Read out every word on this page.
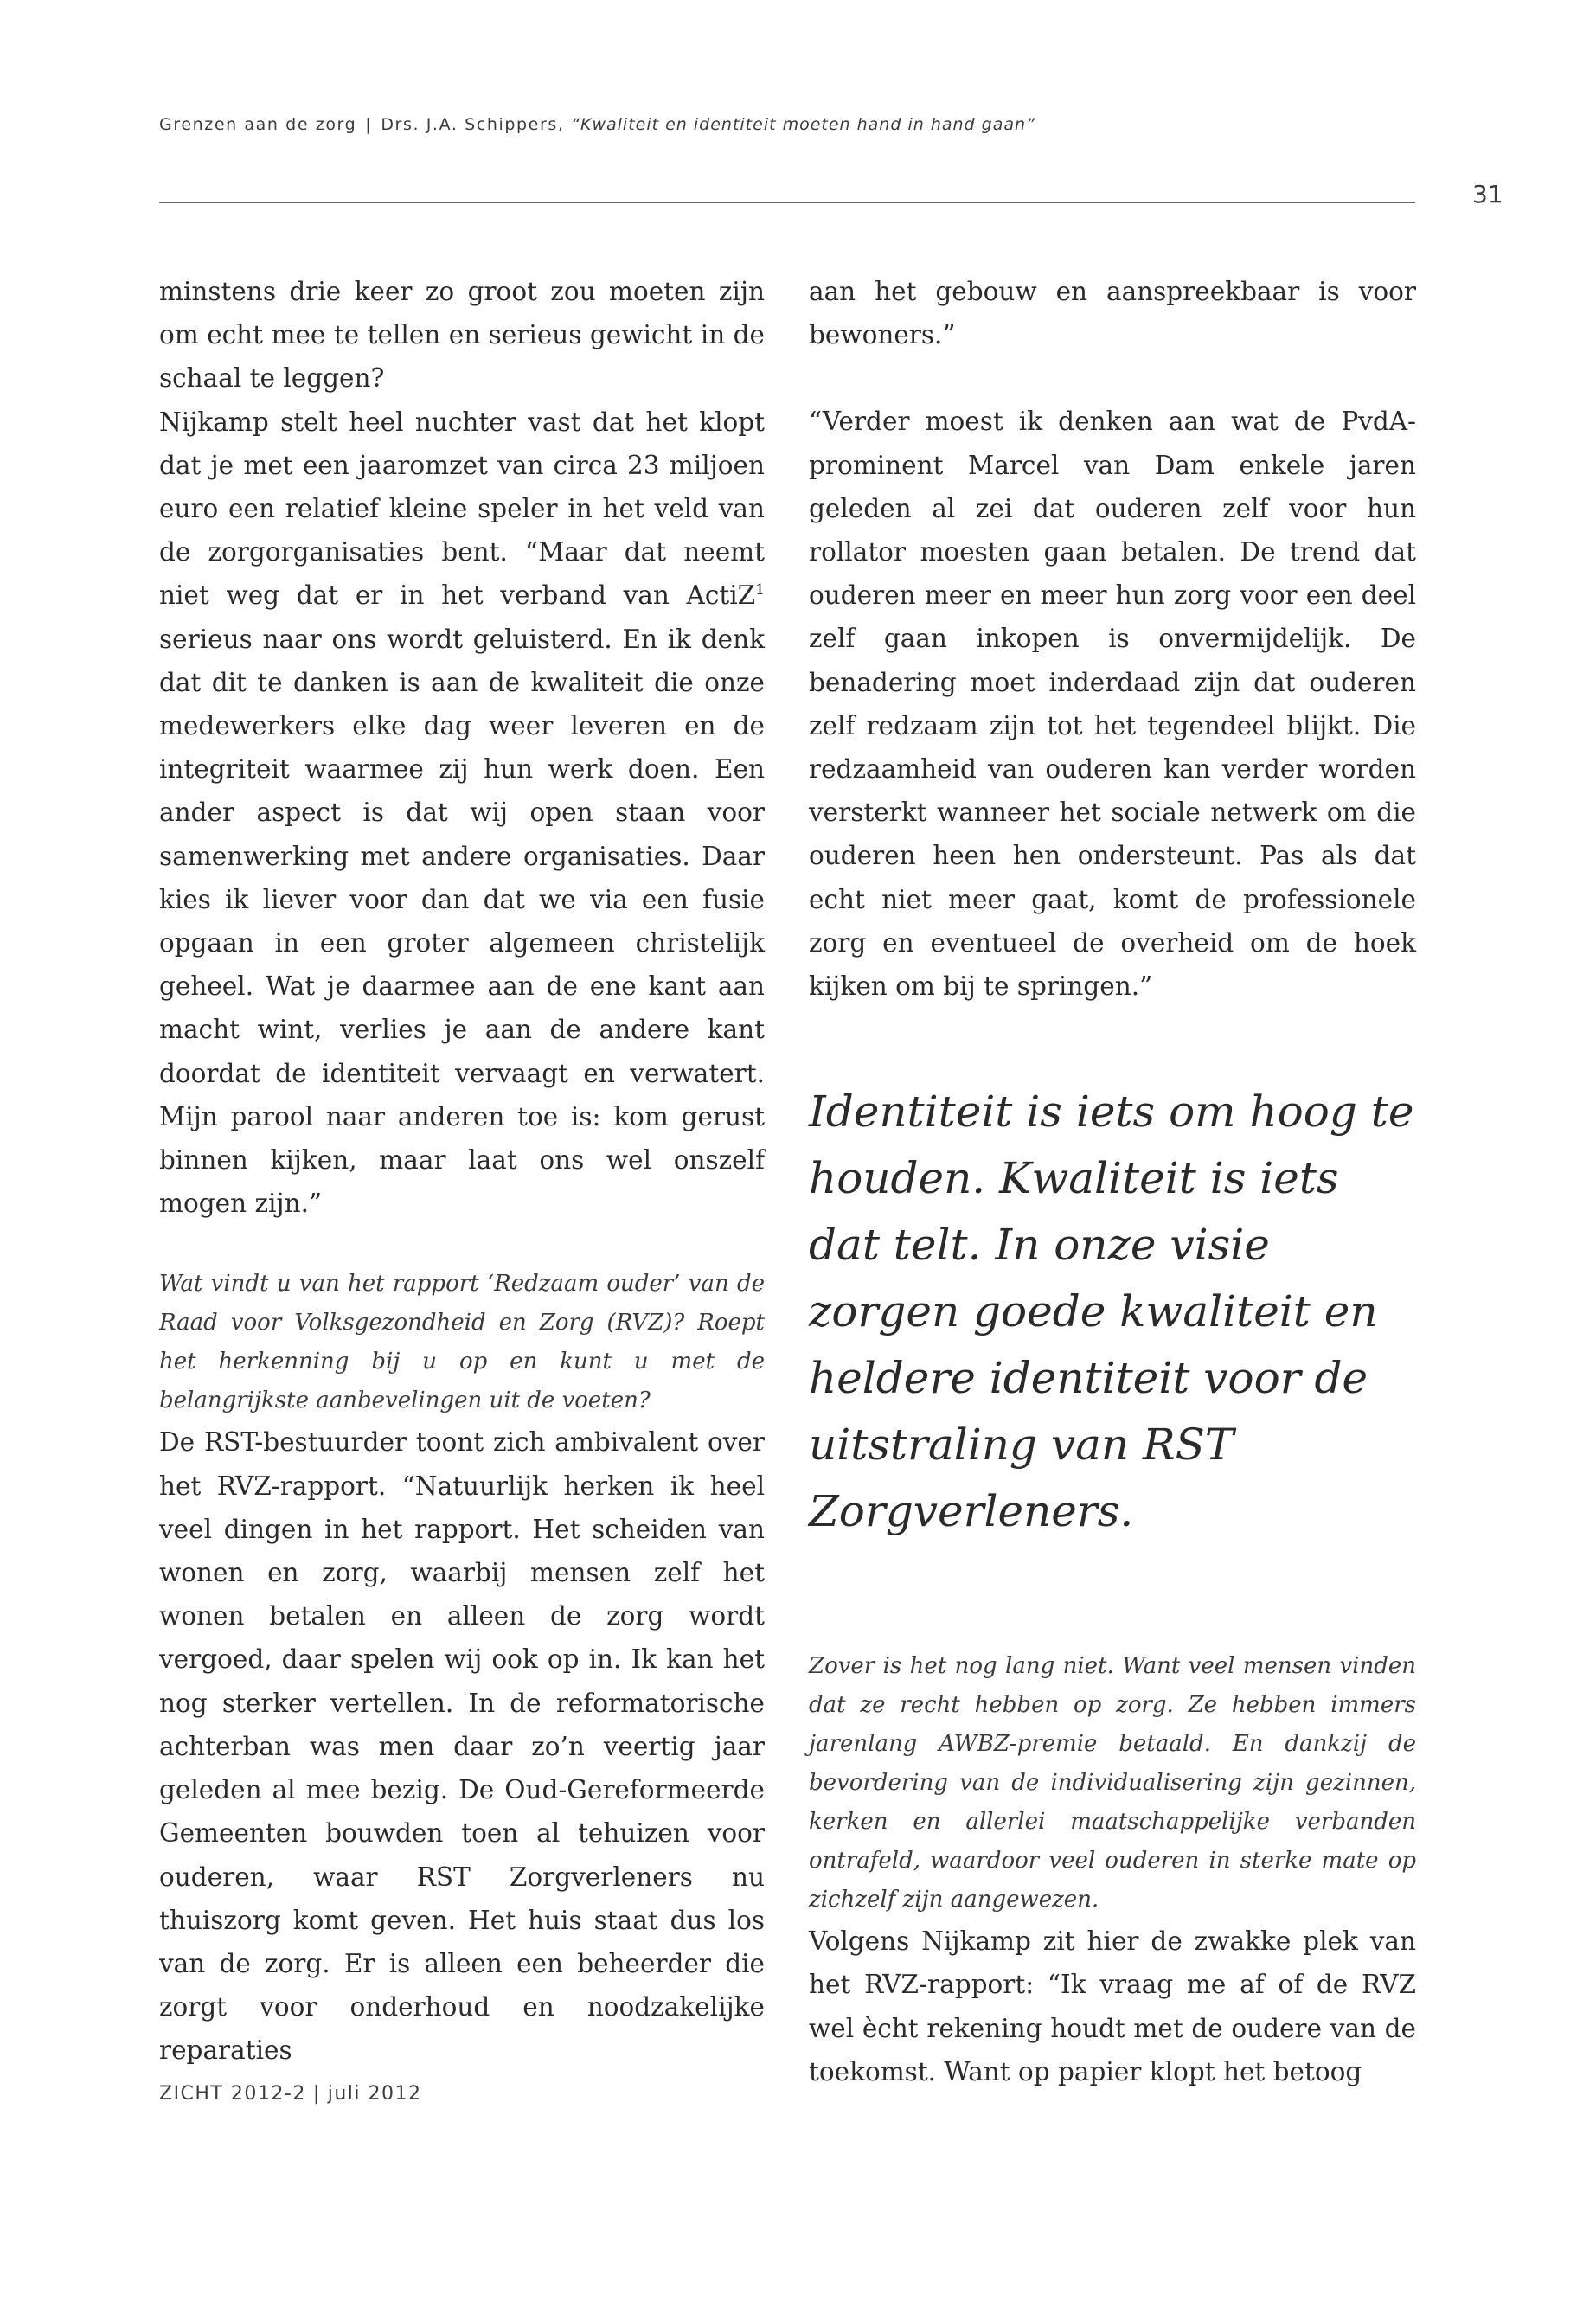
Grenzen aan de zorg | Drs. J.A. Schippers, “Kwaliteit en identiteit moeten hand in hand gaan”
31

minstens drie keer zo groot zou moeten zijn om echt mee te tellen en serieus gewicht in de schaal te leggen?

Nijkamp stelt heel nuchter vast dat het klopt dat je met een jaaromzet van circa 23 miljoen euro een relatief kleine speler in het veld van de zorgorganisaties bent. “Maar dat neemt niet weg dat er in het verband van ActiZ$^1$ serieus naar ons wordt geluisterd. En ik denk dat dit te danken is aan de kwaliteit die onze medewerkers elke dag weer leveren en de integriteit waarmee zij hun werk doen. Een ander aspect is dat wij open staan voor samenwerking met andere organisaties. Daar kies ik liever voor dan dat we via een fusie opgaan in een groter algemeen christelijk geheel. Wat je daarmee aan de ene kant aan macht wint, verlies je aan de andere kant doordat de identiteit vervaagt en verwatert. Mijn parool naar anderen toe is: kom gerust binnen kijken, maar laat ons wel onszelf mogen zijn.”

Wat vindt u van het rapport ‘Redzaam ouder’ van de Raad voor Volksgezondheid en Zorg (RVZ)? Roept het herkenning bij u op en kunt u met de belangrijkste aanbevelingen uit de voeten?

De RST-bestuurder toont zich ambivalent over het RVZ-rapport. “Natuurlijk herken ik heel veel dingen in het rapport. Het scheiden van wonen en zorg, waarbij mensen zelf het wonen betalen en alleen de zorg wordt vergoed, daar spelen wij ook op in. Ik kan het nog sterker vertellen. In de reformatorische achterban was men daar zo’n veertig jaar geleden al mee bezig. De Oud-Gereformeerde Gemeenten bouwden toen al tehuizen voor ouderen, waar RST Zorgverleners nu thuiszorg komt geven. Het huis staat dus los van de zorg. Er is alleen een beheerder die zorgt voor onderhoud en noodzakelijke reparaties

aan het gebouw en aanspreekbaar is voor bewoners.”

“Verder moest ik denken aan wat de PvdA-prominent Marcel van Dam enkele jaren geleden al zei dat ouderen zelf voor hun rollator moesten gaan betalen. De trend dat ouderen meer en meer hun zorg voor een deel zelf gaan inkopen is onvermijdelijk. De benadering moet inderdaad zijn dat ouderen zelf redzaam zijn tot het tegendeel blijkt. Die redzaamheid van ouderen kan verder worden versterkt wanneer het sociale netwerk om die ouderen heen hen ondersteunt. Pas als dat echt niet meer gaat, komt de professionele zorg en eventueel de overheid om de hoek kijken om bij te springen.”

Identiteit is iets om hoog te houden. Kwaliteit is iets dat telt. In onze visie zorgen goede kwaliteit en heldere identiteit voor de uitstraling van RST Zorgverleners.

Zover is het nog lang niet. Want veel mensen vinden dat ze recht hebben op zorg. Ze hebben immers jarenlang AWBZ-premie betaald. En dankzij de bevordering van de individualisering zijn gezinnen, kerken en allerlei maatschappelijke verbanden ontrafeld, waardoor veel ouderen in sterke mate op zichzelf zijn aangewezen.

Volgens Nijkamp zit hier de zwakke plek van het RVZ-rapport: “Ik vraag me af of de RVZ wel ècht rekening houdt met de oudere van de toekomst. Want op papier klopt het betoog

ZICHT 2012-2 | juli 2012
